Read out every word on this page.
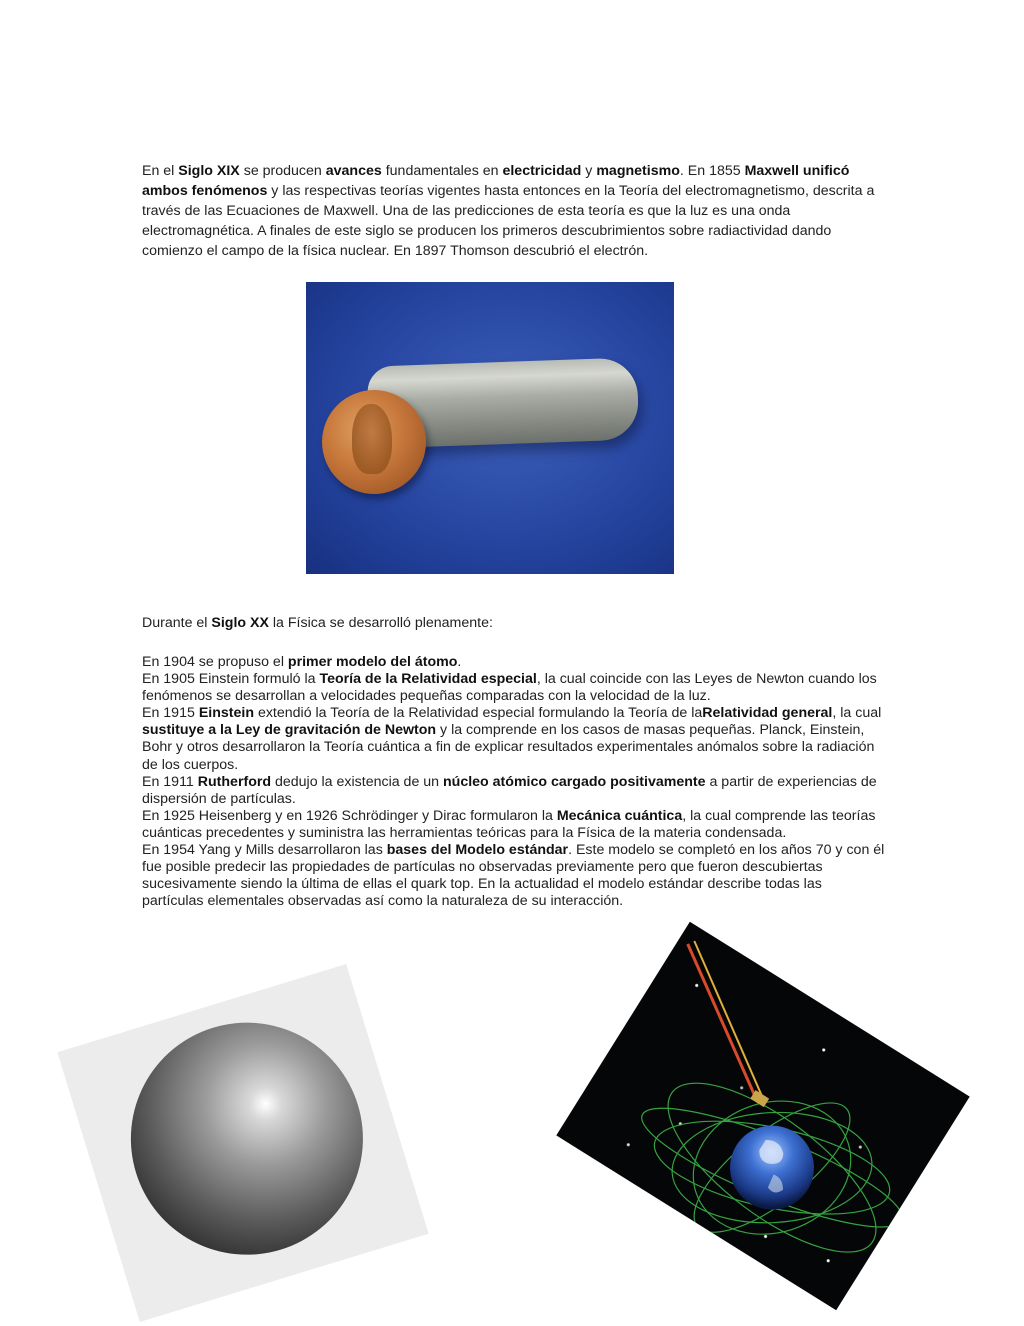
En el Siglo XIX se producen avances fundamentales en electricidad y magnetismo. En 1855 Maxwell unificó ambos fenómenos y las respectivas teorías vigentes hasta entonces en la Teoría del electromagnetismo, descrita a través de las Ecuaciones de Maxwell. Una de las predicciones de esta teoría es que la luz es una onda electromagnética. A finales de este siglo se producen los primeros descubrimientos sobre radiactividad dando comienzo el campo de la física nuclear. En 1897 Thomson descubrió el electrón.

Durante el Siglo XX la Física se desarrolló plenamente:

En 1904 se propuso el primer modelo del átomo.
En 1905 Einstein formuló la Teoría de la Relatividad especial, la cual coincide con las Leyes de Newton cuando los fenómenos se desarrollan a velocidades pequeñas comparadas con la velocidad de la luz.
En 1915 Einstein extendió la Teoría de la Relatividad especial formulando la Teoría de laRelatividad general, la cual sustituye a la Ley de gravitación de Newton y la comprende en los casos de masas pequeñas. Planck, Einstein, Bohr y otros desarrollaron la Teoría cuántica a fin de explicar resultados experimentales anómalos sobre la radiación de los cuerpos.
En 1911 Rutherford dedujo la existencia de un núcleo atómico cargado positivamente a partir de experiencias de dispersión de partículas.
En 1925 Heisenberg y en 1926 Schrödinger y Dirac formularon la Mecánica cuántica, la cual comprende las teorías cuánticas precedentes y suministra las herramientas teóricas para la Física de la materia condensada.
En 1954 Yang y Mills desarrollaron las bases del Modelo estándar. Este modelo se completó en los años 70 y con él fue posible predecir las propiedades de partículas no observadas previamente pero que fueron descubiertas sucesivamente siendo la última de ellas el quark top. En la actualidad el modelo estándar describe todas las partículas elementales observadas así como la naturaleza de su interacción.
